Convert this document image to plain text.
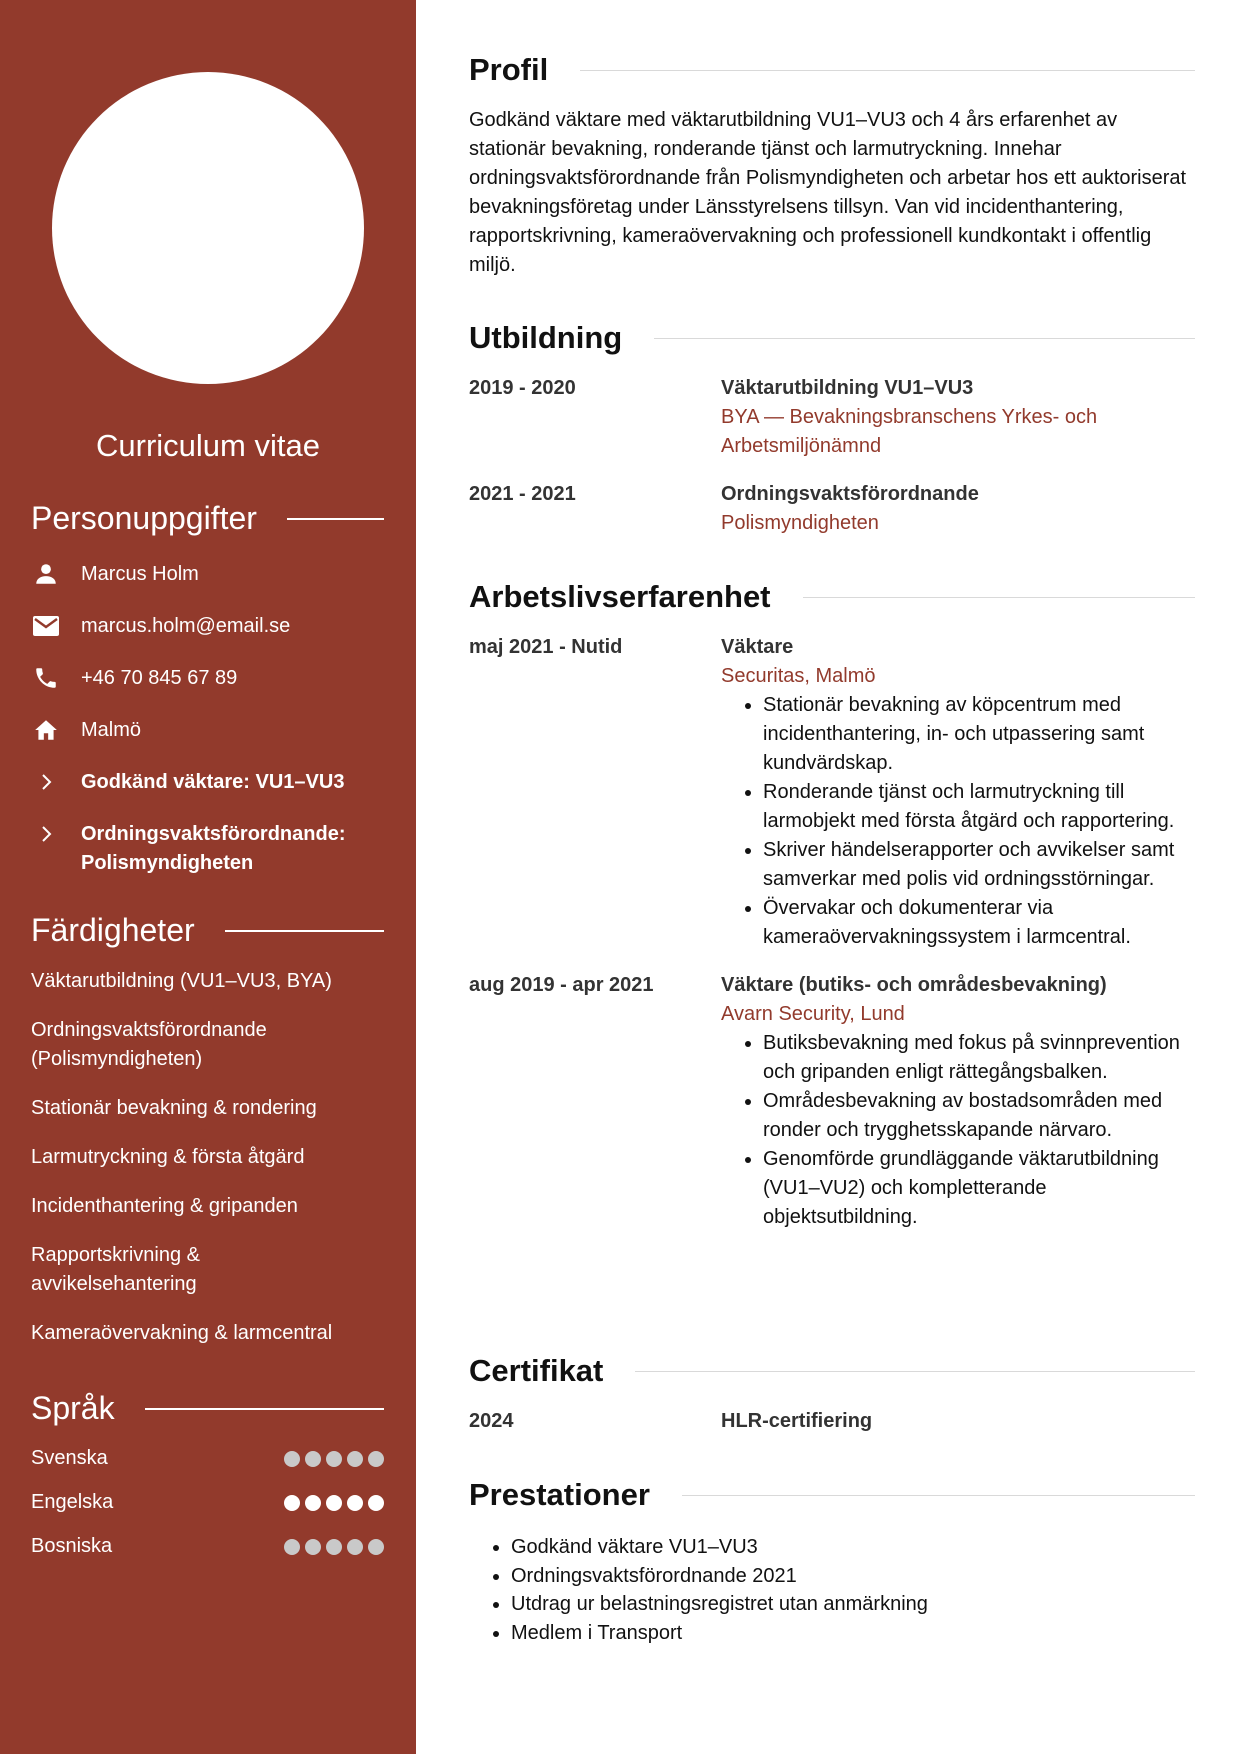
Curriculum vitae
Personuppgifter
Marcus Holm
marcus.holm@email.se
+46 70 845 67 89
Malmö
Godkänd väktare: VU1–VU3
Ordningsvaktsförordnande: Polismyndigheten
Färdigheter
Väktarutbildning (VU1–VU3, BYA)
Ordningsvaktsförordnande (Polismyndigheten)
Stationär bevakning & rondering
Larmutryckning & första åtgärd
Incidenthantering & gripanden
Rapportskrivning & avvikelsehantering
Kameraövervakning & larmcentral
Språk
Svenska
Engelska
Bosniska
Profil

Godkänd väktare med väktarutbildning VU1–VU3 och 4 års erfarenhet av stationär bevakning, ronderande tjänst och larmutryckning. Innehar ordningsvaktsförordnande från Polismyndigheten och arbetar hos ett auktoriserat bevakningsföretag under Länsstyrelsens tillsyn. Van vid incidenthantering, rapportskrivning, kameraövervakning och professionell kundkontakt i offentlig miljö.

Utbildning
2019 - 2020	Väktarutbildning VU1–VU3
BYA — Bevakningsbranschens Yrkes- och Arbetsmiljönämnd
2021 - 2021	Ordningsvaktsförordnande
Polismyndigheten
Arbetslivserfarenhet
maj 2021 - Nutid	Väktare
Securitas, Malmö
• Stationär bevakning av köpcentrum med incidenthantering, in- och utpassering samt kundvärdskap.
• Ronderande tjänst och larmutryckning till larmobjekt med första åtgärd och rapportering.
• Skriver händelserapporter och avvikelser samt samverkar med polis vid ordningsstörningar.
• Övervakar och dokumenterar via kameraövervakningssystem i larmcentral.
aug 2019 - apr 2021	Väktare (butiks- och områdesbevakning)
Avarn Security, Lund
• Butiksbevakning med fokus på svinnprevention och gripanden enligt rättegångsbalken.
• Områdesbevakning av bostadsområden med ronder och trygghetsskapande närvaro.
• Genomförde grundläggande väktarutbildning (VU1–VU2) och kompletterande objektsutbildning.
Certifikat
2024	HLR-certifiering
Prestationer
• Godkänd väktare VU1–VU3
• Ordningsvaktsförordnande 2021
• Utdrag ur belastningsregistret utan anmärkning
• Medlem i Transport
